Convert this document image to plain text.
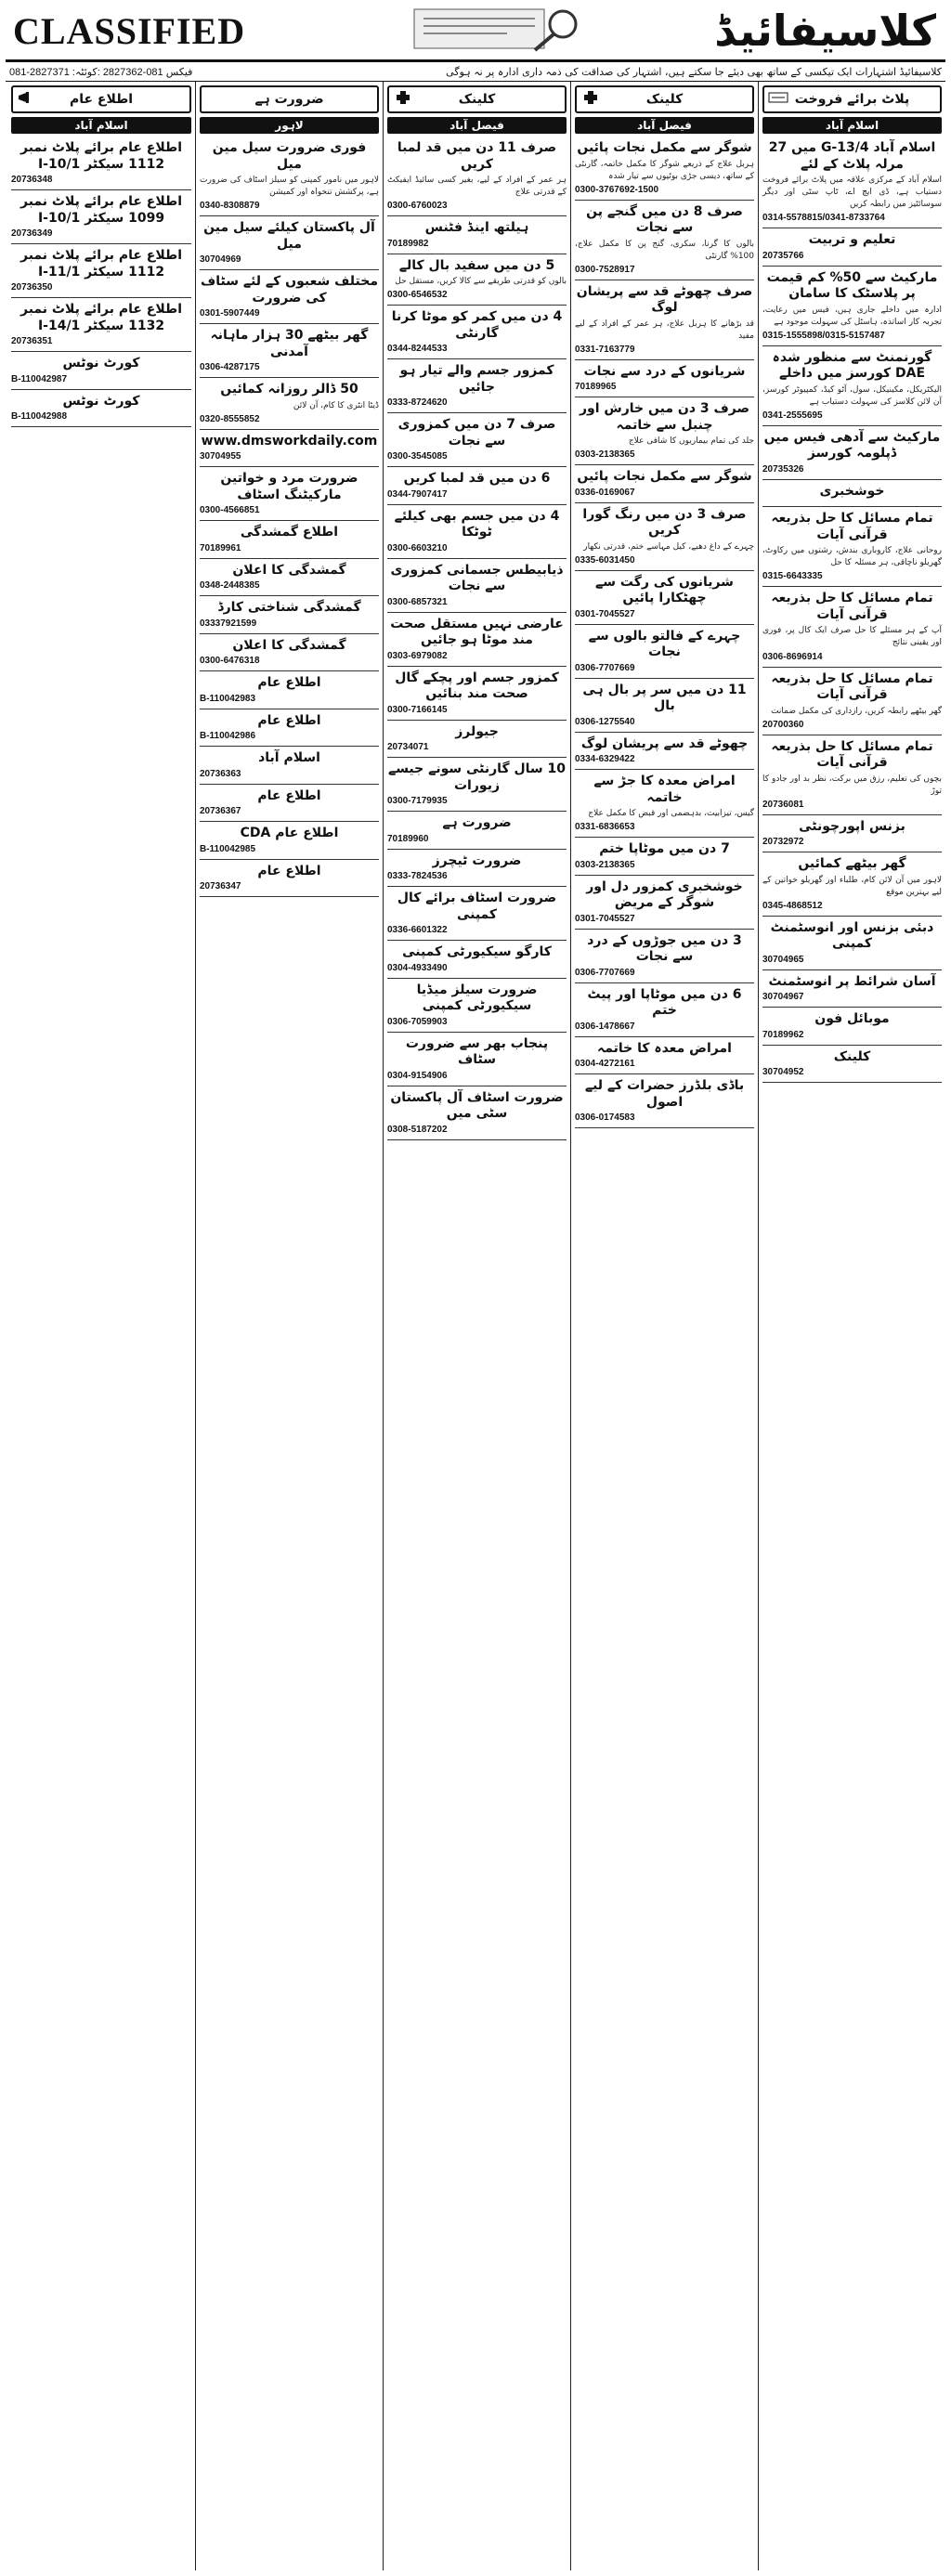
CLASSIFIED	کلاسیفائیڈ
کلاسیفائیڈ اشتہارات ایک تیکسی کے ساتھ بھی دیئے جا سکتے ہیں، اشتہار کی صداقت کی ذمہ داری ادارہ پر نہ ہوگی
081-2827371 :فیکس 081-2827362 :کوئٹہ
پلاٹ برائے فروخت
اسلام آباد
اسلام آباد G-13/4 میں 27 مرلہ پلاٹ کے لئے

اسلام آباد کے مرکزی علاقہ میں پلاٹ برائے فروخت دستیاب ہے، ڈی ایچ اے، ٹاپ سٹی اور دیگر سوسائٹیز میں رابطہ کریں

0314-5578815/0341-8733764
تعلیم و تربیت
20735766
مارکیٹ سے 50% کم قیمت پر پلاسٹک کا سامان

ادارہ میں داخلے جاری ہیں، فیس میں رعایت، تجربہ کار اساتذہ، ہاسٹل کی سہولت موجود ہے

0315-1555898/0315-5157487
گورنمنٹ سے منظور شدہ DAE کورسز میں داخلے

الیکٹریکل، مکینیکل، سول، آٹو کیڈ، کمپیوٹر کورسز، آن لائن کلاسز کی سہولت دستیاب ہے

0341-2555695
مارکیٹ سے آدھی فیس میں ڈپلومہ کورسز
20735326
خوشخبری
تمام مسائل کا حل بذریعہ قرآنی آیات

روحانی علاج، کاروباری بندش، رشتوں میں رکاوٹ، گھریلو ناچاقی، ہر مسئلہ کا حل

0315-6643335
تمام مسائل کا حل بذریعہ قرآنی آیات

آپ کے ہر مسئلے کا حل صرف ایک کال پر، فوری اور یقینی نتائج

0306-8696914
تمام مسائل کا حل بذریعہ قرآنی آیات

گھر بیٹھے رابطہ کریں، رازداری کی مکمل ضمانت

20700360
تمام مسائل کا حل بذریعہ قرآنی آیات

بچوں کی تعلیم، رزق میں برکت، نظر بد اور جادو کا توڑ

20736081
بزنس اپورچونٹی
20732972
گھر بیٹھے کمائیں

لاہور میں آن لائن کام، طلباء اور گھریلو خواتین کے لیے بہترین موقع

0345-4868512
دبئی بزنس اور انوسٹمنٹ کمپنی
30704965
آسان شرائط پر انوسٹمنٹ
30704967
موبائل فون
70189962
کلینک
30704952
کلینک
فیصل آباد
شوگر سے مکمل نجات پائیں

ہربل علاج کے ذریعے شوگر کا مکمل خاتمہ، گارنٹی کے ساتھ، دیسی جڑی بوٹیوں سے تیار شدہ

0300-3767692-1500
صرف 8 دن میں گنجے پن سے نجات

بالوں کا گرنا، سکری، گنج پن کا مکمل علاج، 100% گارنٹی

0300-7528917
صرف چھوٹے قد سے پریشان لوگ

قد بڑھانے کا ہربل علاج، ہر عمر کے افراد کے لیے مفید

0331-7163779
شریانوں کے درد سے نجات
70189965
صرف 3 دن میں خارش اور چنبل سے خاتمہ

جلد کی تمام بیماریوں کا شافی علاج

0303-2138365
شوگر سے مکمل نجات پائیں
0336-0169067
صرف 3 دن میں رنگ گورا کریں

چہرے کے داغ دھبے، کیل مہاسے ختم، قدرتی نکھار

0335-6031450
شریانوں کی رگت سے چھٹکارا پائیں
0301-7045527
چہرے کے فالتو بالوں سے نجات
0306-7707669
11 دن میں سر پر بال ہی بال
0306-1275540
چھوٹے قد سے پریشان لوگ
0334-6329422
امراض معدہ کا جڑ سے خاتمہ

گیس، تیزابیت، بدہضمی اور قبض کا مکمل علاج

0331-6836653
7 دن میں موٹاپا ختم
0303-2138365
خوشخبری کمزور دل اور شوگر کے مریض
0301-7045527
3 دن میں جوڑوں کے درد سے نجات
0306-7707669
6 دن میں موٹاپا اور پیٹ ختم
0306-1478667
امراض معدہ کا خاتمہ
0304-4272161
باڈی بلڈرز حضرات کے لیے اصول
0306-0174583
کلینک
فیصل آباد
صرف 11 دن میں قد لمبا کریں

ہر عمر کے افراد کے لیے، بغیر کسی سائیڈ ایفیکٹ کے قدرتی علاج

0300-6760023
ہیلتھ اینڈ فٹنس
70189982
5 دن میں سفید بال کالے

بالوں کو قدرتی طریقے سے کالا کریں، مستقل حل

0300-6546532
4 دن میں کمر کو موٹا کرنا گارنٹی
0344-8244533
کمزور جسم والے تیار ہو جائیں
0333-8724620
صرف 7 دن میں کمزوری سے نجات
0300-3545085
6 دن میں قد لمبا کریں
0344-7907417
4 دن میں جسم بھی کیلئے ٹوٹکا
0300-6603210
ذیابیطس جسمانی کمزوری سے نجات
0300-6857321
عارضی نہیں مستقل صحت مند موٹا ہو جائیں
0303-6979082
کمزور جسم اور پچکے گال صحت مند بنائیں
0300-7166145
جیولرز
20734071
10 سال گارنٹی سونے جیسے زیورات
0300-7179935
ضرورت ہے
70189960
ضرورت ٹیچرز
0333-7824536
ضرورت اسٹاف برائے کال کمپنی
0336-6601322
کارگو سیکیورٹی کمپنی
0304-4933490
ضرورت سیلز میڈیا سیکیورٹی کمپنی
0306-7059903
پنجاب بھر سے ضرورت سٹاف
0304-9154906
ضرورت اسٹاف آل پاکستان سٹی میں
0308-5187202
ضرورت ہے
لاہور
فوری ضرورت سیل مین میل

لاہور میں نامور کمپنی کو سیلز اسٹاف کی ضرورت ہے، پرکشش تنخواہ اور کمیشن

0340-8308879
آل پاکستان کیلئے سیل مین میل
30704969
مختلف شعبوں کے لئے سٹاف کی ضرورت
0301-5907449
گھر بیٹھے 30 ہزار ماہانہ آمدنی
0306-4287175
50 ڈالر روزانہ کمائیں

ڈیٹا انٹری کا کام، آن لائن

0320-8555852
www.dmsworkdaily.com
30704955
ضرورت مرد و خواتین مارکیٹنگ اسٹاف
0300-4566851
اطلاع گمشدگی
70189961
گمشدگی کا اعلان
0348-2448385
گمشدگی شناختی کارڈ
03337921599
گمشدگی کا اعلان
0300-6476318
اطلاع عام
B-110042983
اطلاع عام
B-110042986
اسلام آباد
20736363
اطلاع عام
20736367
اطلاع عام CDA
B-110042985
اطلاع عام
20736347
اطلاع عام
اسلام آباد
اطلاع عام برائے پلاٹ نمبر 1112 سیکٹر I-10/1
20736348
اطلاع عام برائے پلاٹ نمبر 1099 سیکٹر I-10/1
20736349
اطلاع عام برائے پلاٹ نمبر 1112 سیکٹر I-11/1
20736350
اطلاع عام برائے پلاٹ نمبر 1132 سیکٹر I-14/1
20736351
کورٹ نوٹس
B-110042987
کورٹ نوٹس
B-110042988
